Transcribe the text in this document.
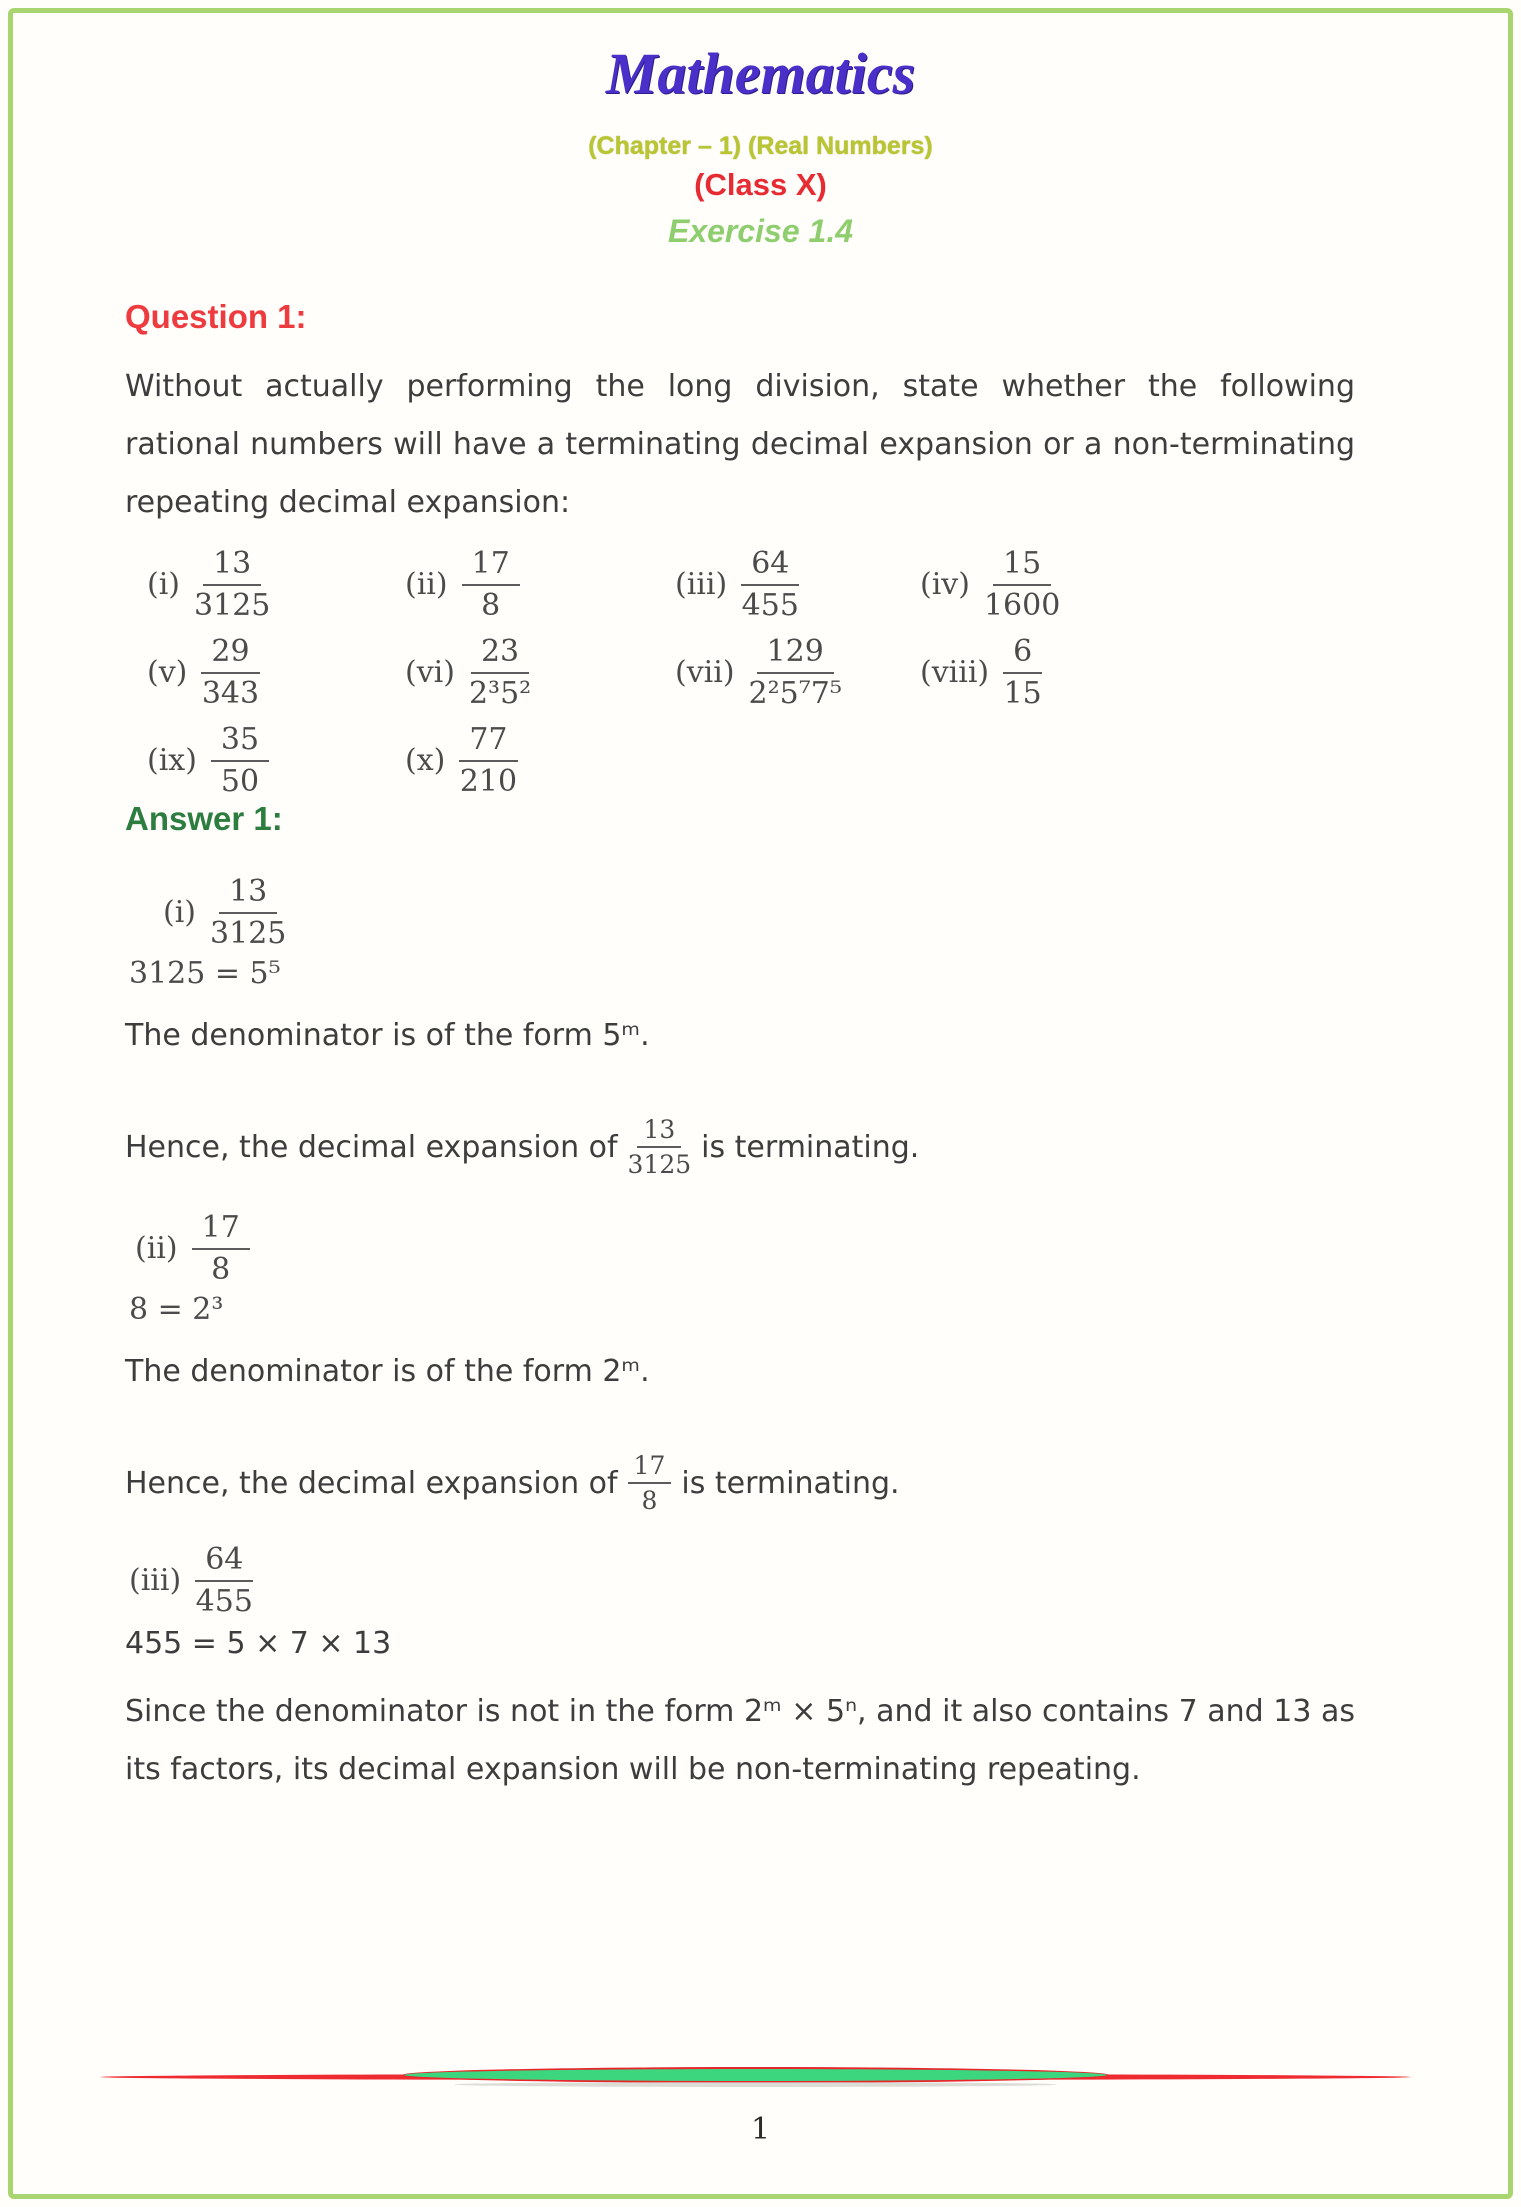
Mathematics
(Chapter – 1) (Real Numbers)
(Class X)
Exercise 1.4
Question 1:

Without actually performing the long division, state whether the following rational numbers will have a terminating decimal expansion or a non-terminating repeating decimal expansion:

$(i) \frac{13}{3125}$	$(ii) \frac{17}{8}$	$(iii) \frac{64}{455}$	$(iv) \frac{15}{1600}$
$(v) \frac{29}{343}$	$(vi) \frac{23}{\text{2³5²}}$	$(vii) \frac{129}{\text{2²5⁷7⁵}}$	(viii) $\frac{6}{15}$
$(ix) \frac{35}{50}$	$(x) \frac{77}{210}$
Answer 1:
$(i) \frac{13}{3125}$
3125 = 5⁵

The denominator is of the form 5ᵐ.

Hence, the decimal expansion of $\frac{13}{3125}$ is terminating.
$(ii) \frac{17}{8}$
8 = 2³

The denominator is of the form 2ᵐ.

Hence, the decimal expansion of $\frac{17}{8}$ is terminating.
$(iii) \frac{64}{455}$
455 = 5 × 7 × 13

Since the denominator is not in the form 2ᵐ × 5ⁿ, and it also contains 7 and 13 as its factors, its decimal expansion will be non-terminating repeating.

1
